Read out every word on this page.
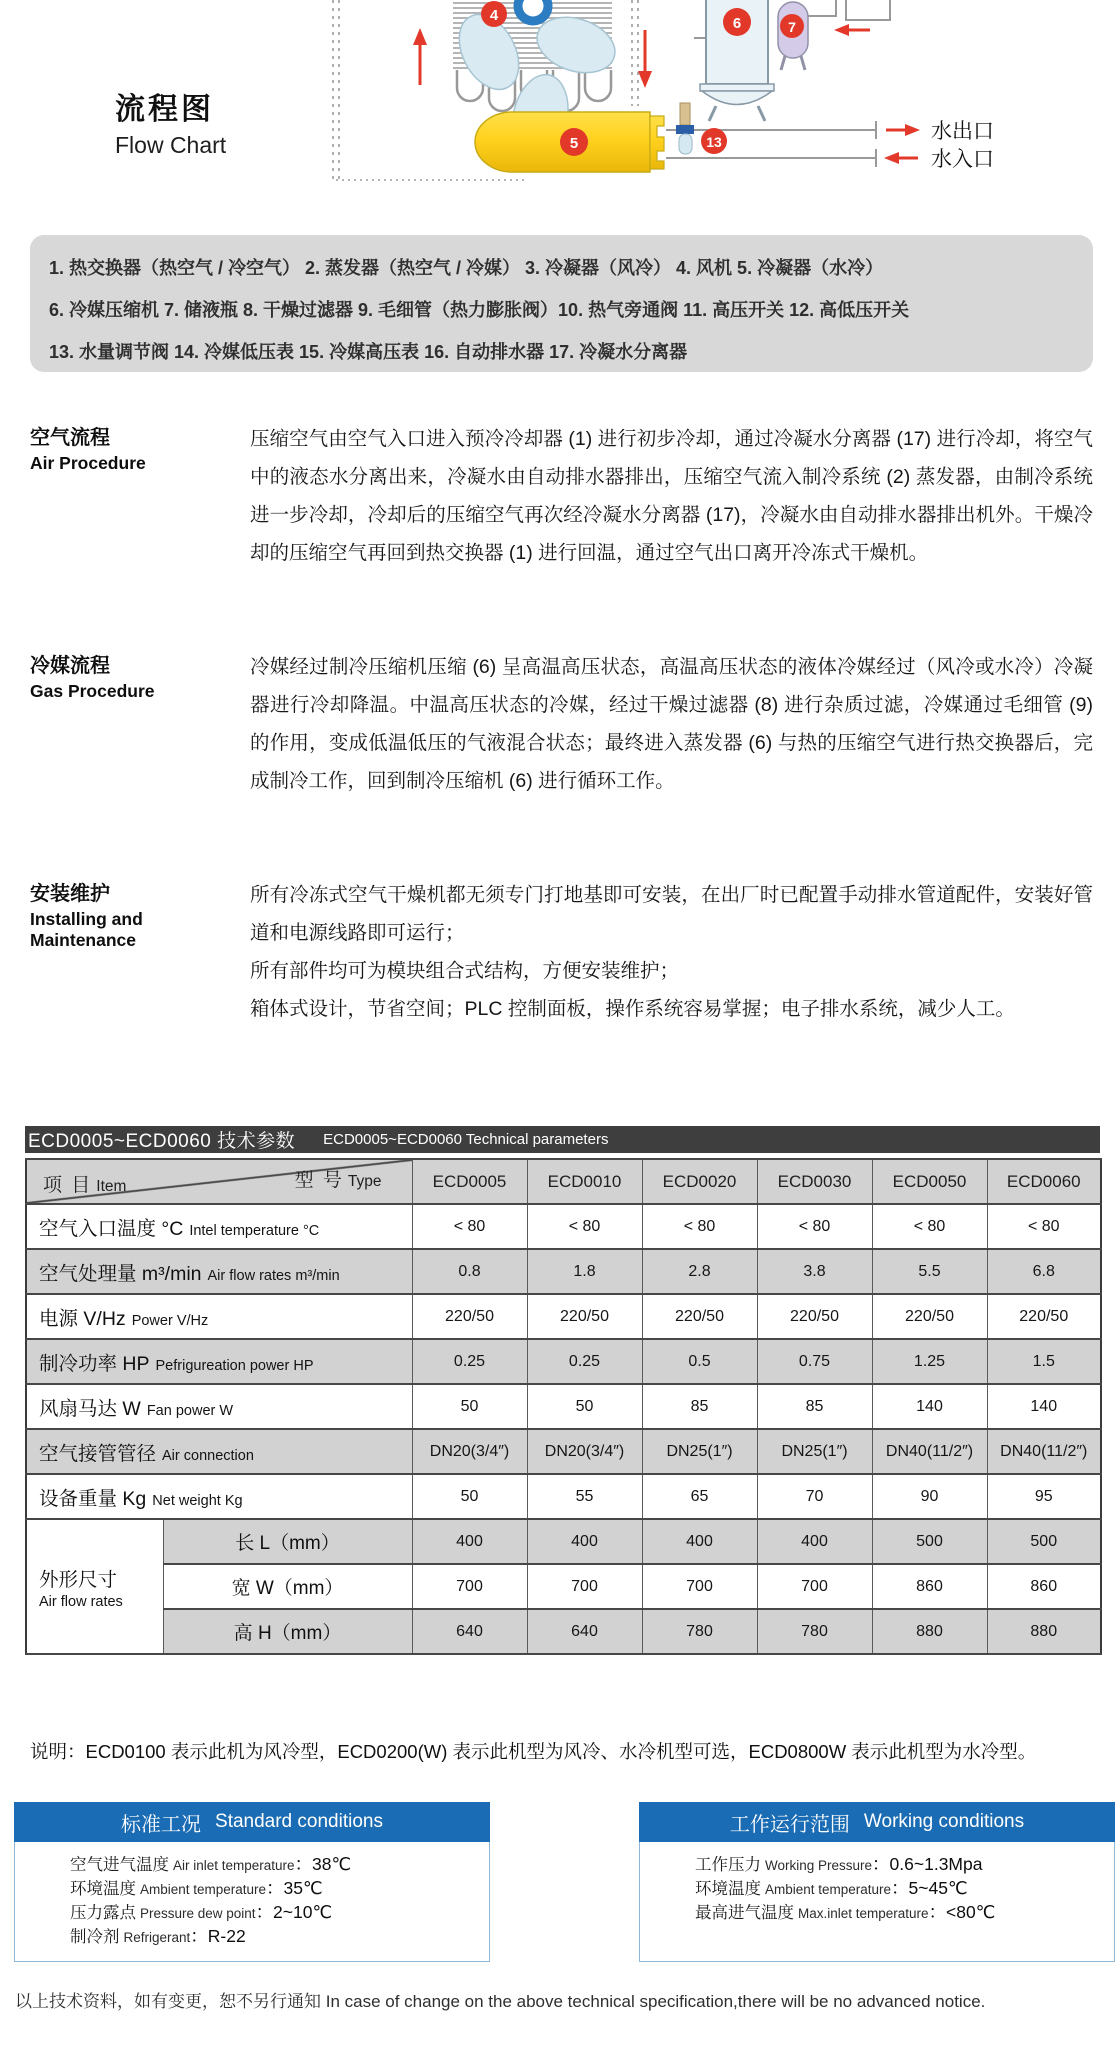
4
5
水出口
水入口
13
6	7
流程图
Flow Chart
1. 热交换器（热空气 / 冷空气） 2. 蒸发器（热空气 / 冷媒） 3. 冷凝器（风冷） 4. 风机 5. 冷凝器（水冷）
6. 冷媒压缩机 7. 储液瓶 8. 干燥过滤器 9. 毛细管（热力膨胀阀）10. 热气旁通阀 11. 高压开关 12. 高低压开关
13. 水量调节阀 14. 冷媒低压表 15. 冷媒高压表 16. 自动排水器 17. 冷凝水分离器
空气流程
Air Procedure
压缩空气由空气入口进入预冷冷却器 (1) 进行初步冷却，通过冷凝水分离器 (17) 进行冷却，将空气中的液态水分离出来，冷凝水由自动排水器排出，压缩空气流入制冷系统 (2) 蒸发器，由制冷系统进一步冷却，冷却后的压缩空气再次经冷凝水分离器 (17)，冷凝水由自动排水器排出机外。干燥冷却的压缩空气再回到热交换器 (1) 进行回温，通过空气出口离开冷冻式干燥机。
冷媒流程
Gas Procedure
冷媒经过制冷压缩机压缩 (6) 呈高温高压状态，高温高压状态的液体冷媒经过（风冷或水冷）冷凝器进行冷却降温。中温高压状态的冷媒，经过干燥过滤器 (8) 进行杂质过滤，冷媒通过毛细管 (9) 的作用，变成低温低压的气液混合状态；最终进入蒸发器 (6) 与热的压缩空气进行热交换器后，完成制冷工作，回到制冷压缩机 (6) 进行循环工作。
安装维护
Installing and Maintenance
所有冷冻式空气干燥机都无须专门打地基即可安装，在出厂时已配置手动排水管道配件，安装好管道和电源线路即可运行；
所有部件均可为模块组合式结构，方便安装维护；
箱体式设计，节省空间；PLC 控制面板，操作系统容易掌握；电子排水系统，减少人工。
ECD0005~ECD0060 技术参数 ECD0005~ECD0060 Technical parameters
型 号 Type
项 目 Item		ECD0005	ECD0010	ECD0020	ECD0030	ECD0050	ECD0060
空气入口温度 °C Intel temperature °C		< 80	< 80	< 80	< 80	< 80	< 80
空气处理量 m³/min Air flow rates m³/min		0.8	1.8	2.8	3.8	5.5	6.8
电源 V/Hz Power V/Hz		220/50	220/50	220/50	220/50	220/50	220/50
制冷功率 HP Pefrigureation power HP		0.25	0.25	0.5	0.75	1.25	1.5
风扇马达 W Fan power W		50	50	85	85	140	140
空气接管管径 Air connection		DN20(3/4″)	DN20(3/4″)	DN25(1″)	DN25(1″)	DN40(11/2″)	DN40(11/2″)
设备重量 Kg Net weight Kg		50	55	65	70	90	95

外形尺寸
Air flow rates	长 L（mm）	400	400	400	400	500	500
	宽 W（mm）	700	700	700	700	860	860
	高 H（mm）	640	640	780	780	880	880
说明：ECD0100 表示此机为风冷型，ECD0200(W) 表示此机型为风冷、水冷机型可选，ECD0800W 表示此机型为水冷型。
标准工况 Standard conditions
空气进气温度 Air inlet temperature：38℃
环境温度 Ambient temperature：35℃
压力露点 Pressure dew point：2~10℃
制冷剂 Refrigerant：R-22
工作运行范围 Working conditions
工作压力 Working Pressure：0.6~1.3Mpa
环境温度 Ambient temperature：5~45℃
最高进气温度 Max.inlet temperature：<80℃
以上技术资料，如有变更，恕不另行通知 In case of change on the above technical specification,there will be no advanced notice.
